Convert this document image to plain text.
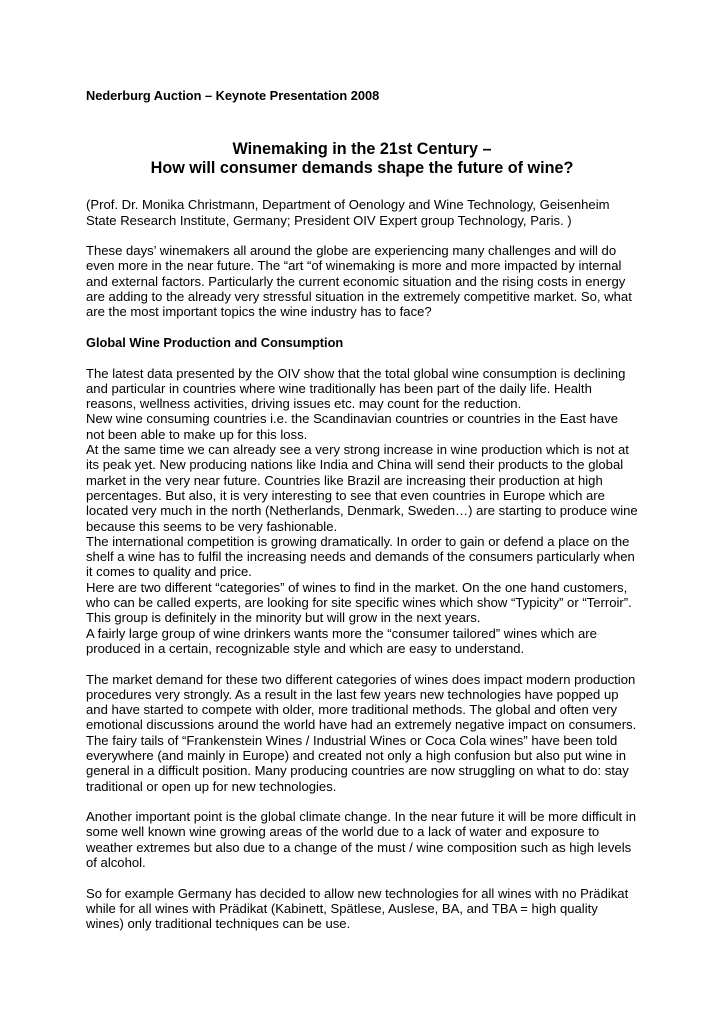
Nederburg Auction – Keynote Presentation 2008

Winemaking in the 21st Century –
How will consumer demands shape the future of wine?

(Prof. Dr. Monika Christmann, Department of Oenology and Wine Technology, Geisenheim State Research Institute, Germany; President OIV Expert group Technology, Paris. )

These days’ winemakers all around the globe are experiencing many challenges and will do even more in the near future. The “art “of winemaking is more and more impacted by internal and external factors. Particularly the current economic situation and the rising costs in energy are adding to the already very stressful situation in the extremely competitive market. So, what are the most important topics the wine industry has to face?

Global Wine Production and Consumption

The latest data presented by the OIV show that the total global wine consumption is declining and particular in countries where wine traditionally has been part of the daily life. Health reasons, wellness activities, driving issues etc. may count for the reduction.

New wine consuming countries i.e. the Scandinavian countries or countries in the East have not been able to make up for this loss.

At the same time we can already see a very strong increase in wine production which is not at its peak yet. New producing nations like India and China will send their products to the global market in the very near future. Countries like Brazil are increasing their production at high percentages. But also, it is very interesting to see that even countries in Europe which are located very much in the north (Netherlands, Denmark, Sweden…) are starting to produce wine because this seems to be very fashionable.

The international competition is growing dramatically. In order to gain or defend a place on the shelf a wine has to fulfil the increasing needs and demands of the consumers particularly when it comes to quality and price.

Here are two different “categories” of wines to find in the market. On the one hand customers, who can be called experts, are looking for site specific wines which show “Typicity” or “Terroir”. This group is definitely in the minority but will grow in the next years.

A fairly large group of wine drinkers wants more the “consumer tailored” wines which are produced in a certain, recognizable style and which are easy to understand.

The market demand for these two different categories of wines does impact modern production procedures very strongly. As a result in the last few years new technologies have popped up and have started to compete with older, more traditional methods. The global and often very emotional discussions around the world have had an extremely negative impact on consumers. The fairy tails of “Frankenstein Wines / Industrial Wines or Coca Cola wines” have been told everywhere (and mainly in Europe) and created not only a high confusion but also put wine in general in a difficult position. Many producing countries are now struggling on what to do: stay traditional or open up for new technologies.

Another important point is the global climate change. In the near future it will be more difficult in some well known wine growing areas of the world due to a lack of water and exposure to weather extremes but also due to a change of the must / wine composition such as high levels of alcohol.

So for example Germany has decided to allow new technologies for all wines with no Prädikat while for all wines with Prädikat (Kabinett, Spätlese, Auslese, BA, and TBA = high quality wines) only traditional techniques can be use.
